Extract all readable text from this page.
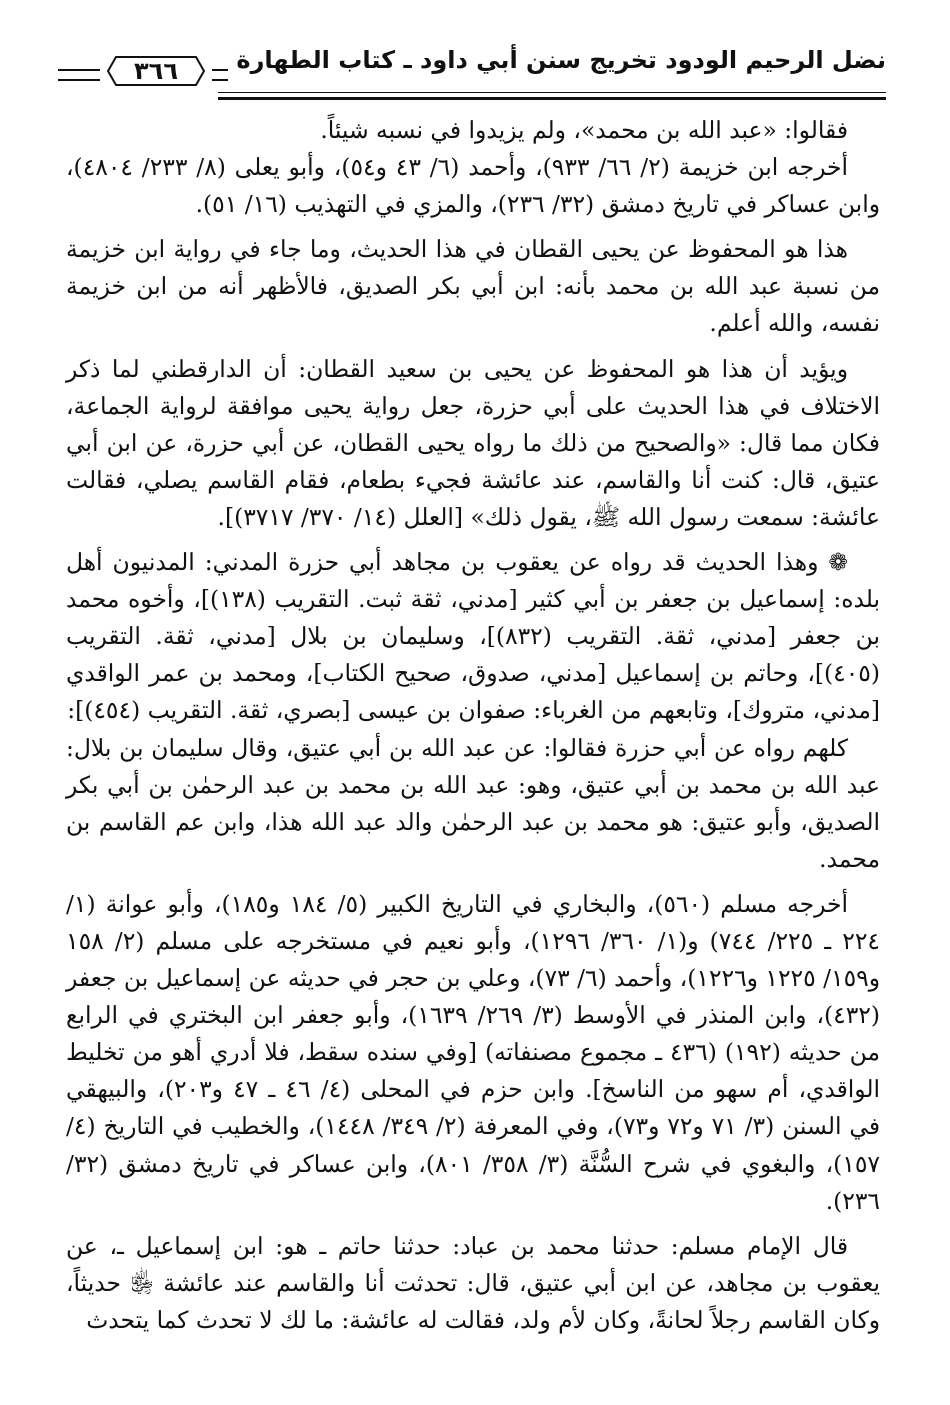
نضل الرحيم الودود تخريج سنن أبي داود ـ كتاب الطهارة
٣٦٦

فقالوا: «عبد الله بن محمد»، ولم يزيدوا في نسبه شيئاً.

أخرجه ابن خزيمة (٢/ ٦٦/ ٩٣٣)، وأحمد (٦/ ٤٣ و٥٤)، وأبو يعلى (٨/ ٢٣٣/ ٤٨٠٤)، وابن عساكر في تاريخ دمشق (٣٢/ ٢٣٦)، والمزي في التهذيب (١٦/ ٥١).

هذا هو المحفوظ عن يحيى القطان في هذا الحديث، وما جاء في رواية ابن خزيمة من نسبة عبد الله بن محمد بأنه: ابن أبي بكر الصديق، فالأظهر أنه من ابن خزيمة نفسه، والله أعلم.

ويؤيد أن هذا هو المحفوظ عن يحيى بن سعيد القطان: أن الدارقطني لما ذكر الاختلاف في هذا الحديث على أبي حزرة، جعل رواية يحيى موافقة لرواية الجماعة، فكان مما قال: «والصحيح من ذلك ما رواه يحيى القطان، عن أبي حزرة، عن ابن أبي عتيق، قال: كنت أنا والقاسم، عند عائشة فجيء بطعام، فقام القاسم يصلي، فقالت عائشة: سمعت رسول الله ﷺ، يقول ذلك» [العلل (١٤/ ٣٧٠/ ٣٧١٧)].

❁ وهذا الحديث قد رواه عن يعقوب بن مجاهد أبي حزرة المدني: المدنيون أهل بلده: إسماعيل بن جعفر بن أبي كثير [مدني، ثقة ثبت. التقريب (١٣٨)]، وأخوه محمد بن جعفر [مدني، ثقة. التقريب (٨٣٢)]، وسليمان بن بلال [مدني، ثقة. التقريب (٤٠٥)]، وحاتم بن إسماعيل [مدني، صدوق، صحيح الكتاب]، ومحمد بن عمر الواقدي [مدني، متروك]، وتابعهم من الغرباء: صفوان بن عيسى [بصري، ثقة. التقريب (٤٥٤)]:

كلهم رواه عن أبي حزرة فقالوا: عن عبد الله بن أبي عتيق، وقال سليمان بن بلال: عبد الله بن محمد بن أبي عتيق، وهو: عبد الله بن محمد بن عبد الرحمٰن بن أبي بكر الصديق، وأبو عتيق: هو محمد بن عبد الرحمٰن والد عبد الله هذا، وابن عم القاسم بن محمد.

أخرجه مسلم (٥٦٠)، والبخاري في التاريخ الكبير (٥/ ١٨٤ و١٨٥)، وأبو عوانة (١/ ٢٢٤ ـ ٢٢٥/ ٧٤٤) و(١/ ٣٦٠/ ١٢٩٦)، وأبو نعيم في مستخرجه على مسلم (٢/ ١٥٨ و١٥٩/ ١٢٢٥ و١٢٢٦)، وأحمد (٦/ ٧٣)، وعلي بن حجر في حديثه عن إسماعيل بن جعفر (٤٣٢)، وابن المنذر في الأوسط (٣/ ٢٦٩/ ١٦٣٩)، وأبو جعفر ابن البختري في الرابع من حديثه (١٩٢) (٤٣٦ ـ مجموع مصنفاته) [وفي سنده سقط، فلا أدري أهو من تخليط الواقدي، أم سهو من الناسخ]. وابن حزم في المحلى (٤/ ٤٦ ـ ٤٧ و٢٠٣)، والبيهقي في السنن (٣/ ٧١ و٧٢ و٧٣)، وفي المعرفة (٢/ ٣٤٩/ ١٤٤٨)، والخطيب في التاريخ (٤/ ١٥٧)، والبغوي في شرح السُّنَّة (٣/ ٣٥٨/ ٨٠١)، وابن عساكر في تاريخ دمشق (٣٢/ ٢٣٦).

قال الإمام مسلم: حدثنا محمد بن عباد: حدثنا حاتم ـ هو: ابن إسماعيل ـ، عن يعقوب بن مجاهد، عن ابن أبي عتيق، قال: تحدثت أنا والقاسم عند عائشة ﵂ حديثاً، وكان القاسم رجلاً لحانةً، وكان لأم ولد، فقالت له عائشة: ما لك لا تحدث كما يتحدث
